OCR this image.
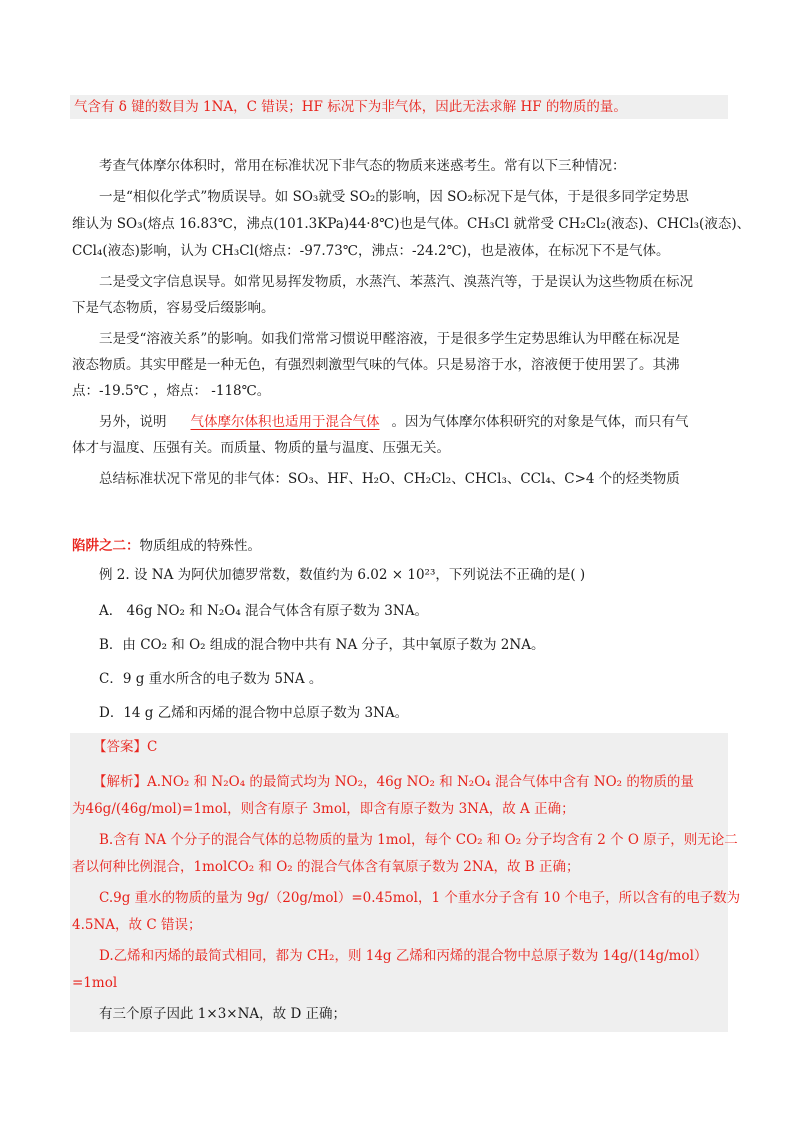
气含有 δ 键的数目为 1NA，C 错误；HF 标况下为非气体，因此无法求解 HF 的物质的量。
考查气体摩尔体积时，常用在标准状况下非气态的物质来迷惑考生。常有以下三种情况：
一是“相似化学式”物质误导。如 SO₃就受 SO₂的影响，因 SO₂标况下是气体，于是很多同学定势思
维认为 SO₃(熔点 16.83℃，沸点(101.3KPa)44·8℃)也是气体。CH₃Cl 就常受 CH₂Cl₂(液态)、CHCl₃(液态)、
CCl₄(液态)影响，认为 CH₃Cl(熔点：-97.73℃，沸点：-24.2℃)，也是液体，在标况下不是气体。
二是受文字信息误导。如常见易挥发物质，水蒸汽、苯蒸汽、溴蒸汽等，于是误认为这些物质在标况
下是气态物质，容易受后缀影响。
三是受“溶液关系”的影响。如我们常常习惯说甲醛溶液，于是很多学生定势思维认为甲醛在标况是
液态物质。其实甲醛是一种无色，有强烈刺激型气味的气体。只是易溶于水，溶液便于使用罢了。其沸
点：-19.5℃ ，熔点： -118℃。
另外，说明 气体摩尔体积也适用于混合气体 。因为气体摩尔体积研究的对象是气体，而只有气
体才与温度、压强有关。而质量、物质的量与温度、压强无关。
总结标准状况下常见的非气体：SO₃、HF、H₂O、CH₂Cl₂、CHCl₃、CCl₄、C>4 个的烃类物质
陷阱之二：物质组成的特殊性。
例 2. 设 NA 为阿伏加德罗常数，数值约为 6.02 × 10²³，下列说法不正确的是( )
A． 46g NO₂ 和 N₂O₄ 混合气体含有原子数为 3NA。
B．由 CO₂ 和 O₂ 组成的混合物中共有 NA 分子，其中氧原子数为 2NA。
C．9 g 重水所含的电子数为 5NA 。
D．14 g 乙烯和丙烯的混合物中总原子数为 3NA。
【答案】C
【解析】A.NO₂ 和 N₂O₄ 的最简式均为 NO₂，46g NO₂ 和 N₂O₄ 混合气体中含有 NO₂ 的物质的量
为46g/(46g/mol)=1mol，则含有原子 3mol，即含有原子数为 3NA，故 A 正确；
B.含有 NA 个分子的混合气体的总物质的量为 1mol，每个 CO₂ 和 O₂ 分子均含有 2 个 O 原子，则无论二
者以何种比例混合，1molCO₂ 和 O₂ 的混合气体含有氧原子数为 2NA，故 B 正确；
C.9g 重水的物质的量为 9g/（20g/mol）=0.45mol，1 个重水分子含有 10 个电子，所以含有的电子数为
4.5NA，故 C 错误；
D.乙烯和丙烯的最简式相同，都为 CH₂，则 14g 乙烯和丙烯的混合物中总原子数为 14g/(14g/mol）
=1mol
有三个原子因此 1×3×NA，故 D 正确；
